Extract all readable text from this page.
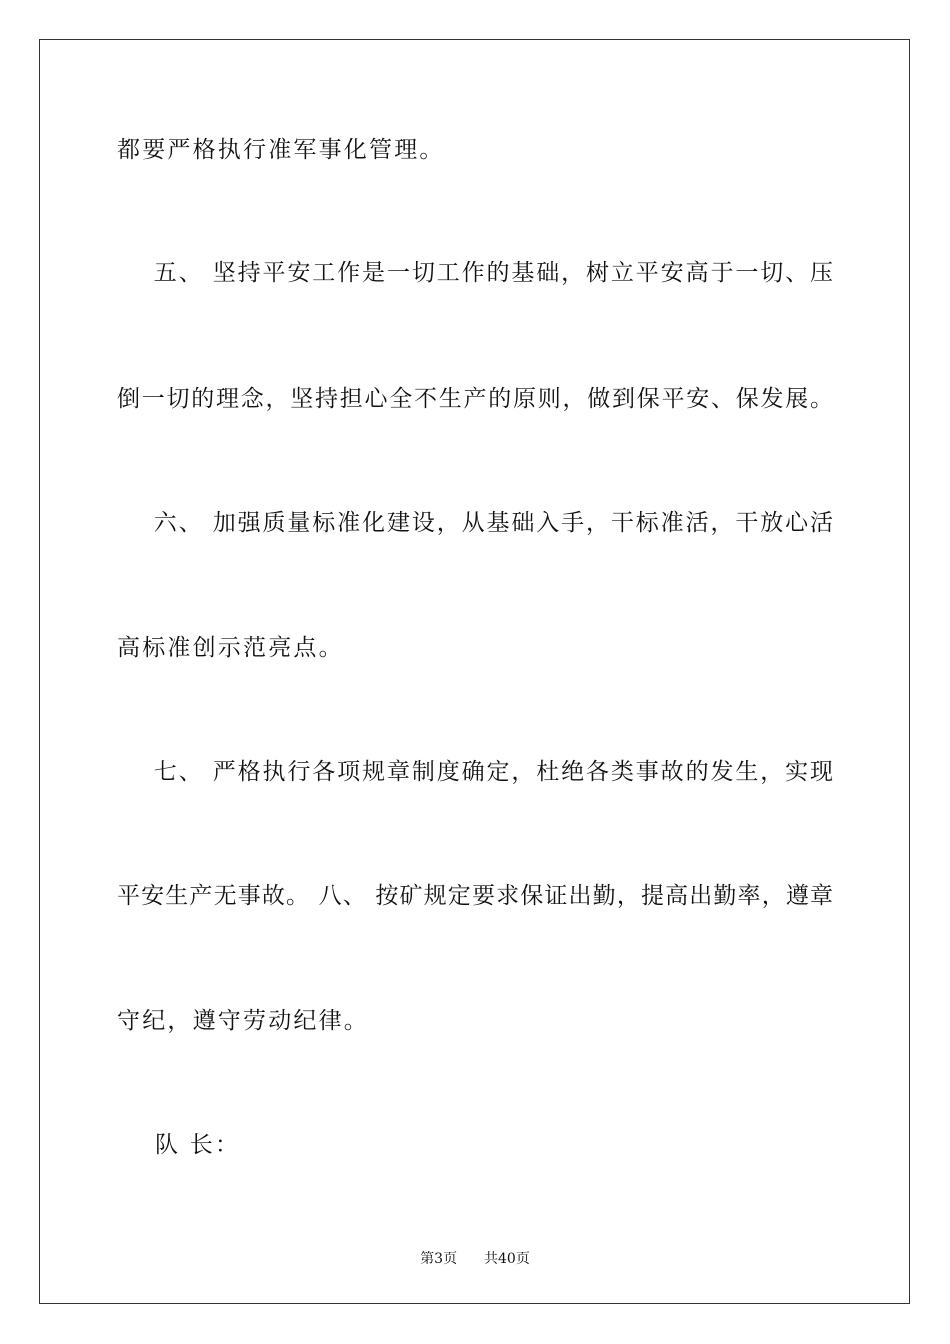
都要严格执行准军事化管理。
五、 坚持平安工作是一切工作的基础，树立平安高于一切、压
倒一切的理念，坚持担心全不生产的原则，做到保平安、保发展。
六、 加强质量标准化建设，从基础入手，干标准活，干放心活
高标准创示范亮点。
七、 严格执行各项规章制度确定，杜绝各类事故的发生，实现
平安生产无事故。 八、 按矿规定要求保证出勤，提高出勤率，遵章
守纪，遵守劳动纪律。
队 长：
第3页 共40页
